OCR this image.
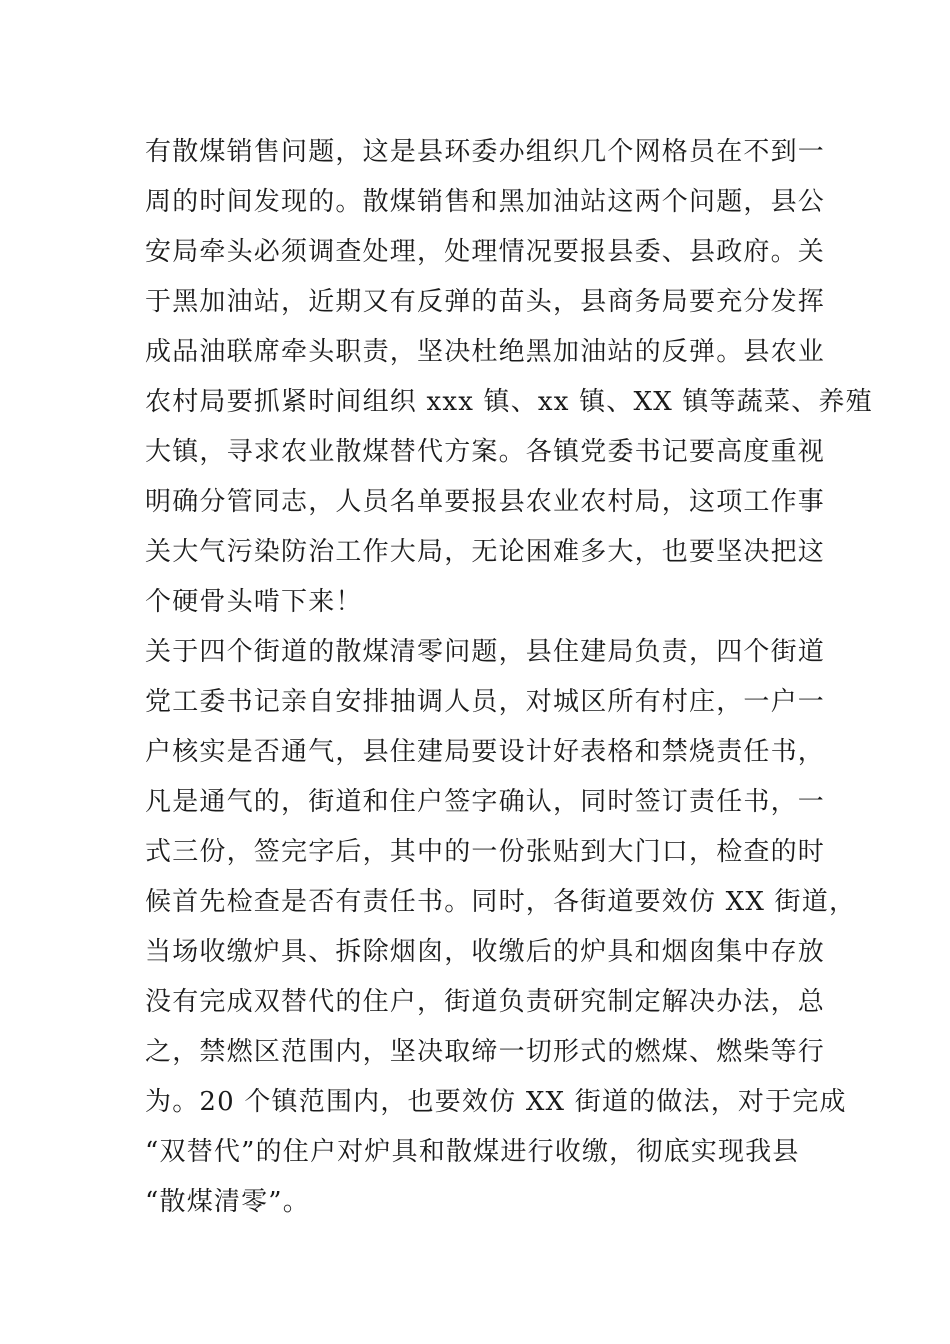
有散煤销售问题，这是县环委办组织几个网格员在不到一
周的时间发现的。散煤销售和黑加油站这两个问题，县公
安局牵头必须调查处理，处理情况要报县委、县政府。关
于黑加油站，近期又有反弹的苗头，县商务局要充分发挥
成品油联席牵头职责，坚决杜绝黑加油站的反弹。县农业
农村局要抓紧时间组织 xxx 镇、xx 镇、XX 镇等蔬菜、养殖
大镇，寻求农业散煤替代方案。各镇党委书记要高度重视
明确分管同志，人员名单要报县农业农村局，这项工作事
关大气污染防治工作大局，无论困难多大，也要坚决把这
个硬骨头啃下来！
关于四个街道的散煤清零问题，县住建局负责，四个街道
党工委书记亲自安排抽调人员，对城区所有村庄，一户一
户核实是否通气，县住建局要设计好表格和禁烧责任书，
凡是通气的，街道和住户签字确认，同时签订责任书，一
式三份，签完字后，其中的一份张贴到大门口，检查的时
候首先检查是否有责任书。同时，各街道要效仿 XX 街道，
当场收缴炉具、拆除烟囱，收缴后的炉具和烟囱集中存放
没有完成双替代的住户，街道负责研究制定解决办法，总
之，禁燃区范围内，坚决取缔一切形式的燃煤、燃柴等行
为。20 个镇范围内，也要效仿 XX 街道的做法，对于完成
“双替代”的住户对炉具和散煤进行收缴，彻底实现我县
“散煤清零”。
